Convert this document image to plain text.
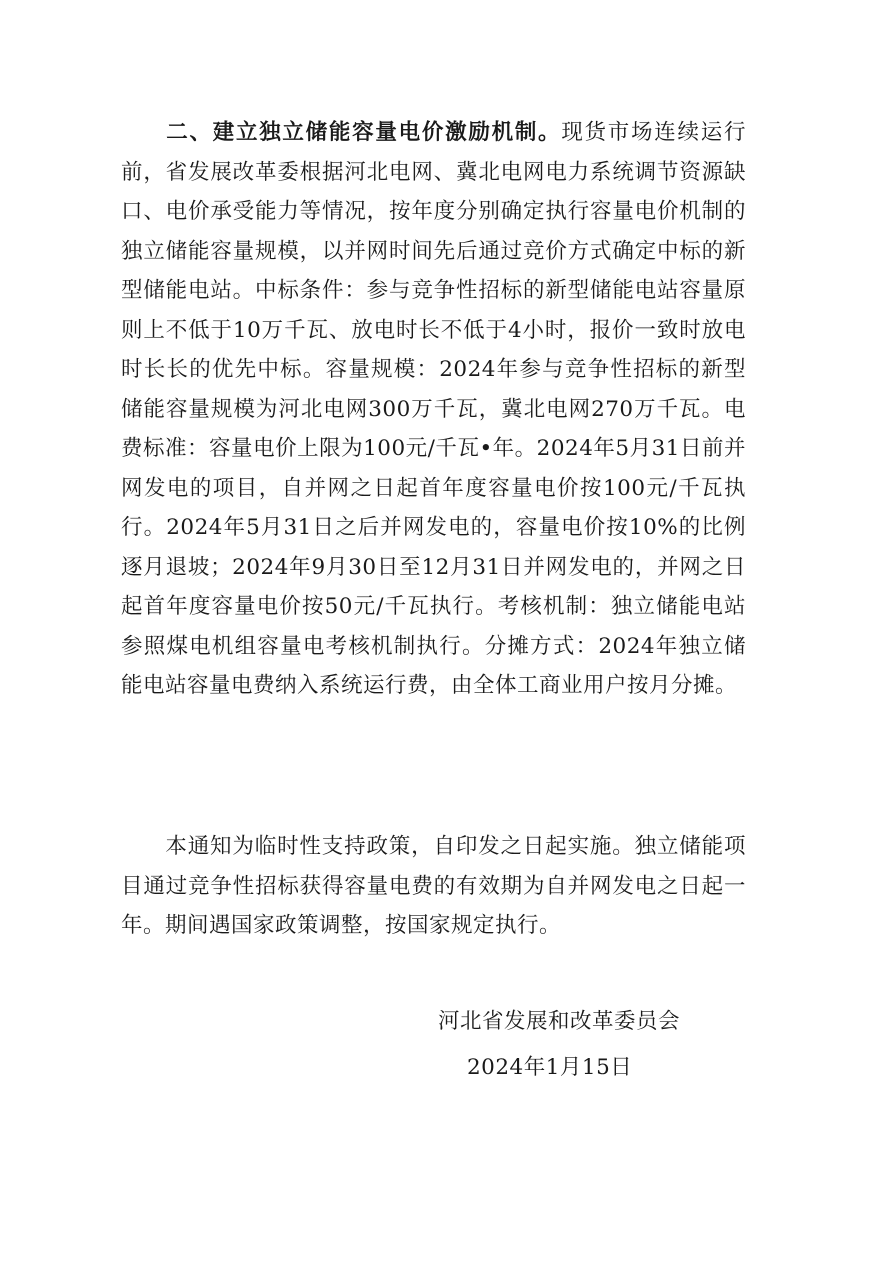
二、建立独立储能容量电价激励机制。现货市场连续运行前，省发展改革委根据河北电网、冀北电网电力系统调节资源缺口、电价承受能力等情况，按年度分别确定执行容量电价机制的独立储能容量规模，以并网时间先后通过竞价方式确定中标的新型储能电站。中标条件：参与竞争性招标的新型储能电站容量原则上不低于10万千瓦、放电时长不低于4小时，报价一致时放电时长长的优先中标。容量规模：2024年参与竞争性招标的新型储能容量规模为河北电网300万千瓦，冀北电网270万千瓦。电费标准：容量电价上限为100元/千瓦•年。2024年5月31日前并网发电的项目，自并网之日起首年度容量电价按100元/千瓦执行。2024年5月31日之后并网发电的，容量电价按10%的比例逐月退坡；2024年9月30日至12月31日并网发电的，并网之日起首年度容量电价按50元/千瓦执行。考核机制：独立储能电站参照煤电机组容量电考核机制执行。分摊方式：2024年独立储能电站容量电费纳入系统运行费，由全体工商业用户按月分摊。

本通知为临时性支持政策，自印发之日起实施。独立储能项目通过竞争性招标获得容量电费的有效期为自并网发电之日起一年。期间遇国家政策调整，按国家规定执行。

河北省发展和改革委员会
2024年1月15日
